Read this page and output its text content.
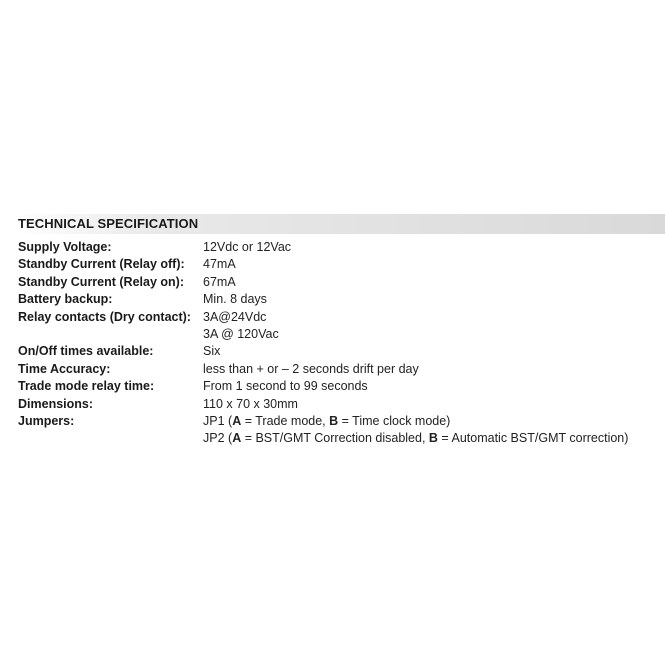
TECHNICAL SPECIFICATION
Supply Voltage:	12Vdc or 12Vac
Standby Current (Relay off):	47mA
Standby Current (Relay on):	67mA
Battery backup:	Min. 8 days
Relay contacts (Dry contact):	3A@24Vdc
	3A @ 120Vac
On/Off times available:	Six
Time Accuracy:	less than + or – 2 seconds drift per day
Trade mode relay time:	From 1 second to 99 seconds
Dimensions:	110 x 70 x 30mm
Jumpers:	JP1 (A = Trade mode, B = Time clock mode)
	JP2 (A = BST/GMT Correction disabled, B = Automatic BST/GMT correction)
